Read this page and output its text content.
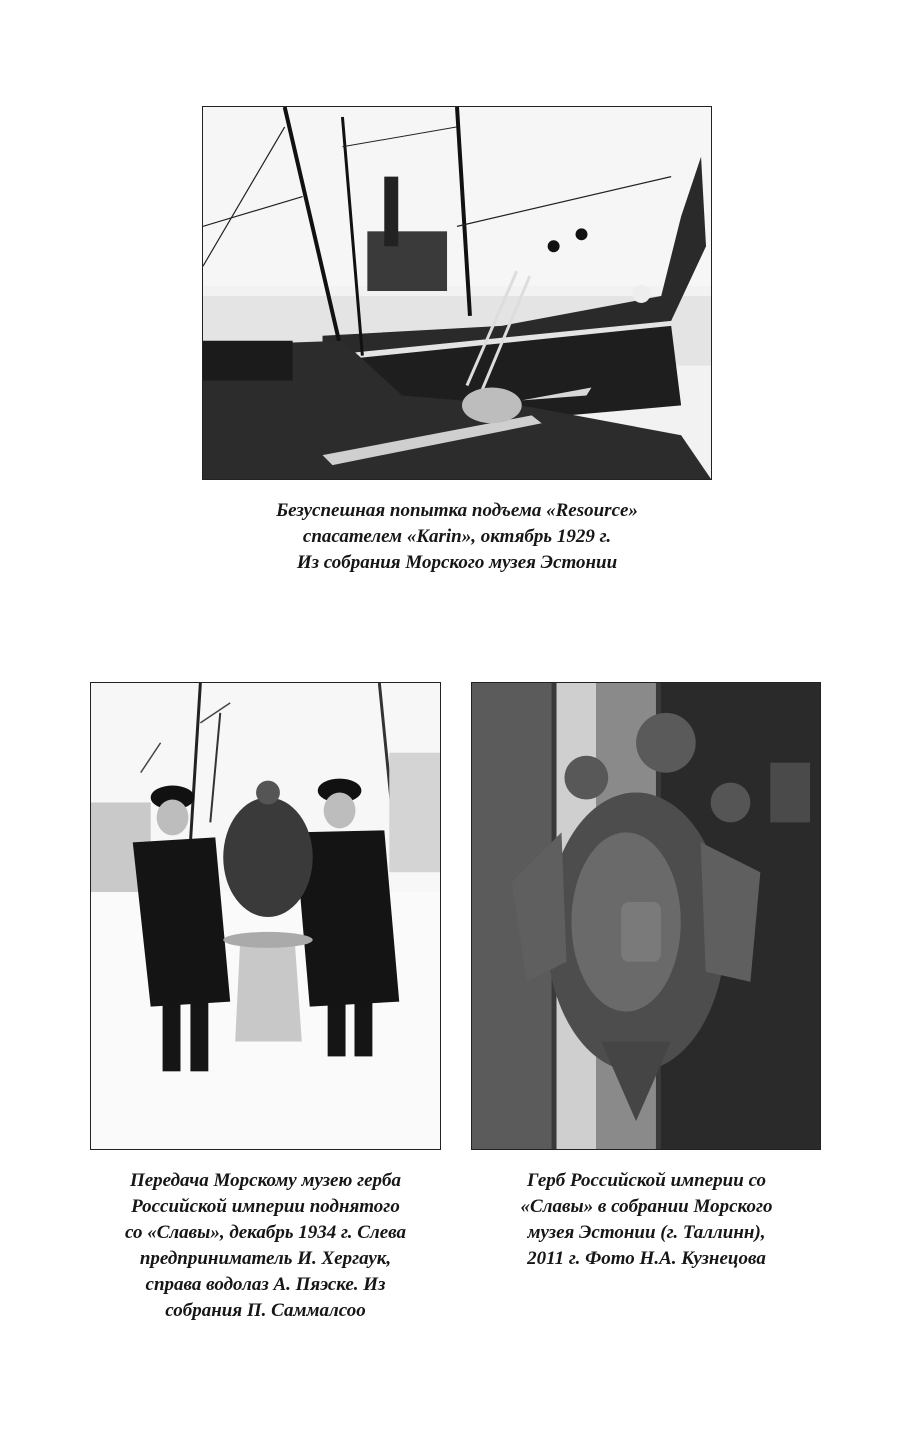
Безуспешная попытка подъема «Resource»
спасателем «Karin», октябрь 1929 г.
Из собрания Морского музея Эстонии
Передача Морскому музею герба
Российской империи поднятого
со «Славы», декабрь 1934 г. Слева
предприниматель И. Хергаук,
справа водолаз А. Пяэске. Из
собрания П. Саммалсоо
Герб Российской империи со
«Славы» в собрании Морского
музея Эстонии (г. Таллинн),
2011 г. Фото Н.А. Кузнецова
